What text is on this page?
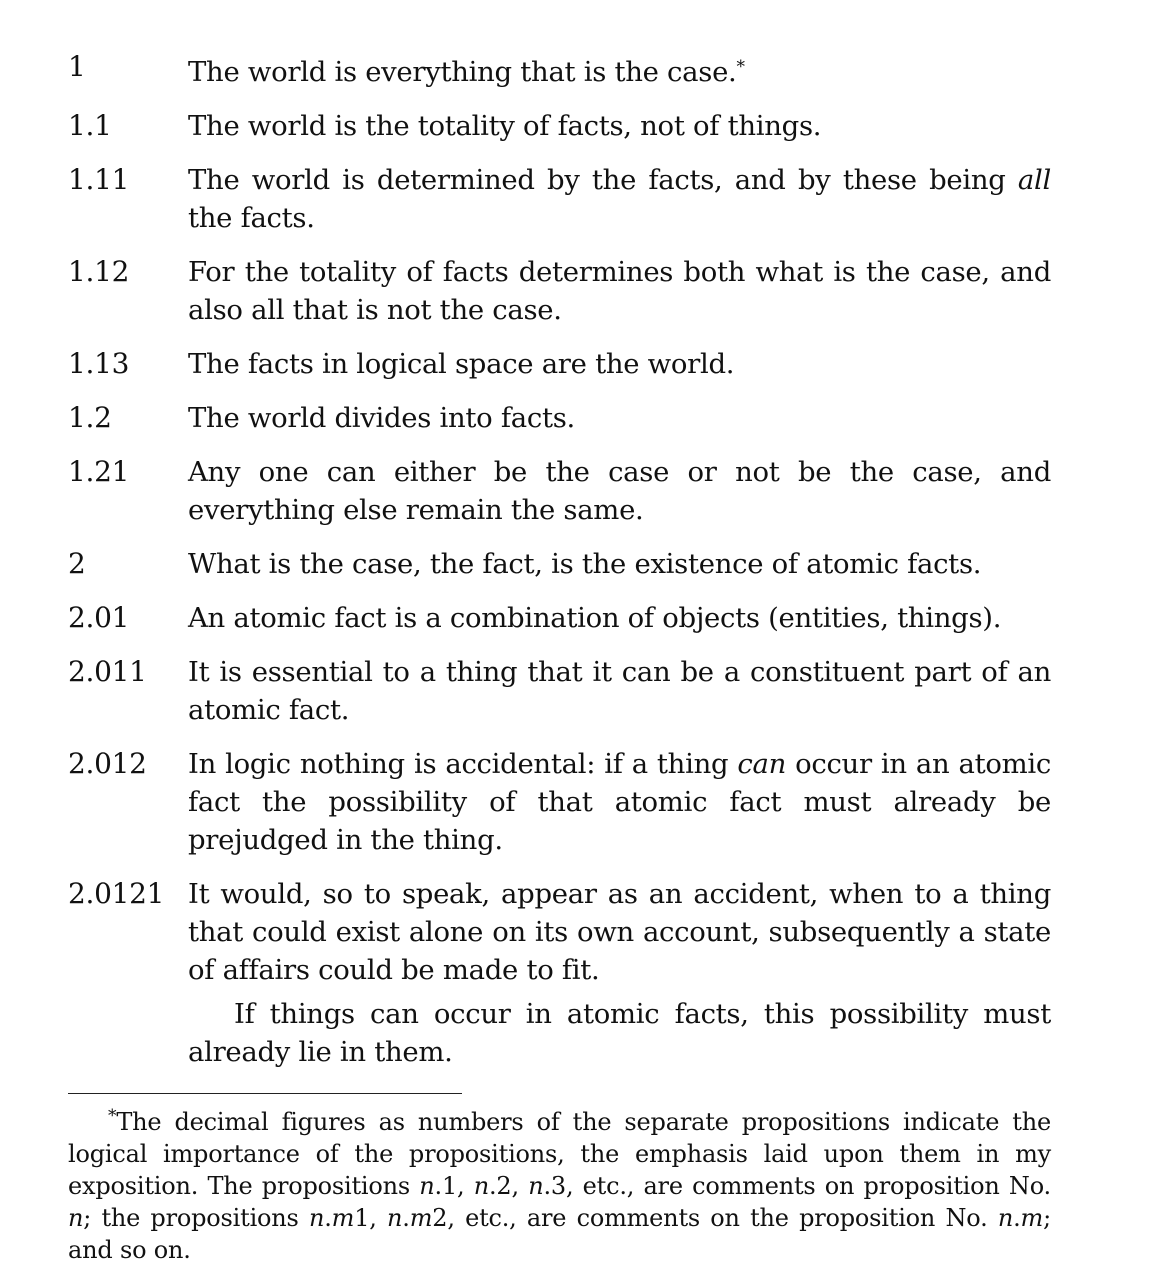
1	The world is everything that is the case.*
1.1	The world is the totality of facts, not of things.
1.11	The world is determined by the facts, and by these being all the facts.
1.12	For the totality of facts determines both what is the case, and also all that is not the case.
1.13	The facts in logical space are the world.
1.2	The world divides into facts.
1.21	Any one can either be the case or not be the case, and everything else remain the same.
2	What is the case, the fact, is the existence of atomic facts.
2.01	An atomic fact is a combination of objects (entities, things).
2.011	It is essential to a thing that it can be a constituent part of an atomic fact.
2.012	In logic nothing is accidental: if a thing can occur in an atomic fact the possibility of that atomic fact must already be prejudged in the thing.
2.0121 It would, so to speak, appear as an accident, when to a thing that could exist alone on its own account, subsequently a state of affairs could be made to fit.
If things can occur in atomic facts, this possibility must already lie in them.
*The decimal figures as numbers of the separate propositions indicate the logical importance of the propositions, the emphasis laid upon them in my exposition. The propositions n.1, n.2, n.3, etc., are comments on proposition No. n; the propositions n.m1, n.m2, etc., are comments on the proposition No. n.m; and so on.
